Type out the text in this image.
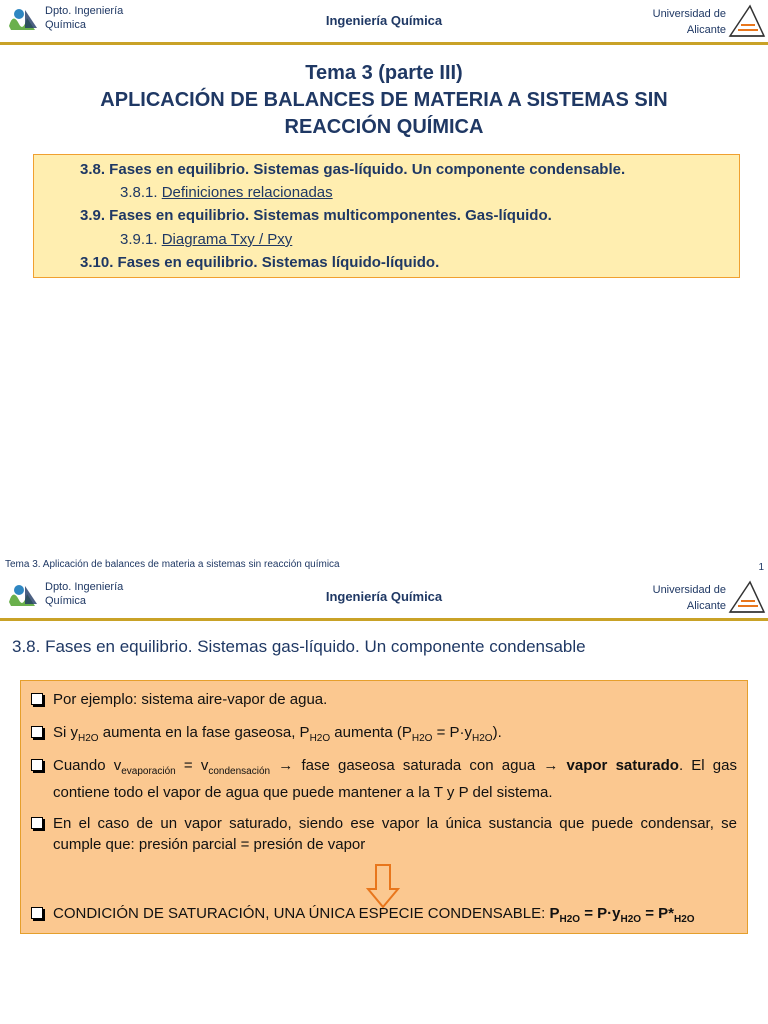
Dpto. Ingeniería
Química	Ingeniería Química	Universidad de
Alicante
Tema 3 (parte III)
APLICACIÓN DE BALANCES DE MATERIA A SISTEMAS SIN
REACCIÓN QUÍMICA
3.8. Fases en equilibrio. Sistemas gas-líquido. Un componente condensable.
3.8.1. Definiciones relacionadas
3.9. Fases en equilibrio. Sistemas multicomponentes. Gas-líquido.
3.9.1. Diagrama Txy / Pxy
3.10. Fases en equilibrio. Sistemas líquido-líquido.
Tema 3. Aplicación de balances de materia a sistemas sin reacción química	1
Dpto. Ingeniería
Química	Ingeniería Química	Universidad de
Alicante
3.8. Fases en equilibrio. Sistemas gas-líquido. Un componente condensable
Por ejemplo: sistema aire-vapor de agua.
Si $y_{H2O}$ aumenta en la fase gaseosa, $P_{H2O}$ aumenta $(P_{H2O} = P\cdot y_{H2O})$.
Cuando $v_{evaporación} = v_{condensación}$ → fase gaseosa saturada con agua → vapor saturado. El gas contiene todo el vapor de agua que puede mantener a la T y P del sistema.
En el caso de un vapor saturado, siendo ese vapor la única sustancia que puede condensar, se cumple que: presión parcial = presión de vapor
CONDICIÓN DE SATURACIÓN, UNA ÚNICA ESPECIE CONDENSABLE: $P_{H2O} = P\cdot y_{H2O} = P*_{H2O}$
